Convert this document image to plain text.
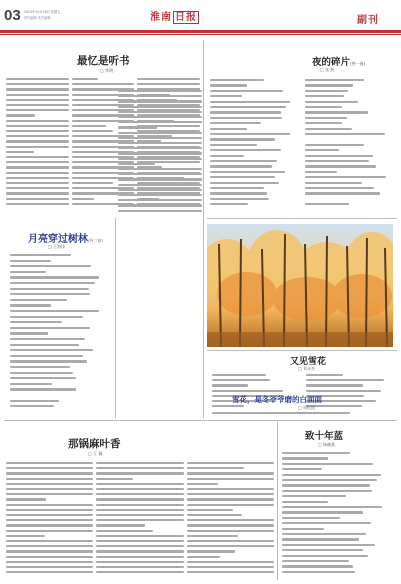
03 2024年10月18日 星期五
责任编辑 美术编辑	淮南 日报	副刊
最忆是听书
□ 李明
夜的碎片(外一首)
□ 张 帆
月亮穿过树林(外二首)
□ 王海涛
又见雪花
□ 刘永杰
雪花，是冬爷爷磨的白面面
□ 周纪国
那锅麻叶香
□ 王 薇
致十年蓝
□ 杨晓燕
